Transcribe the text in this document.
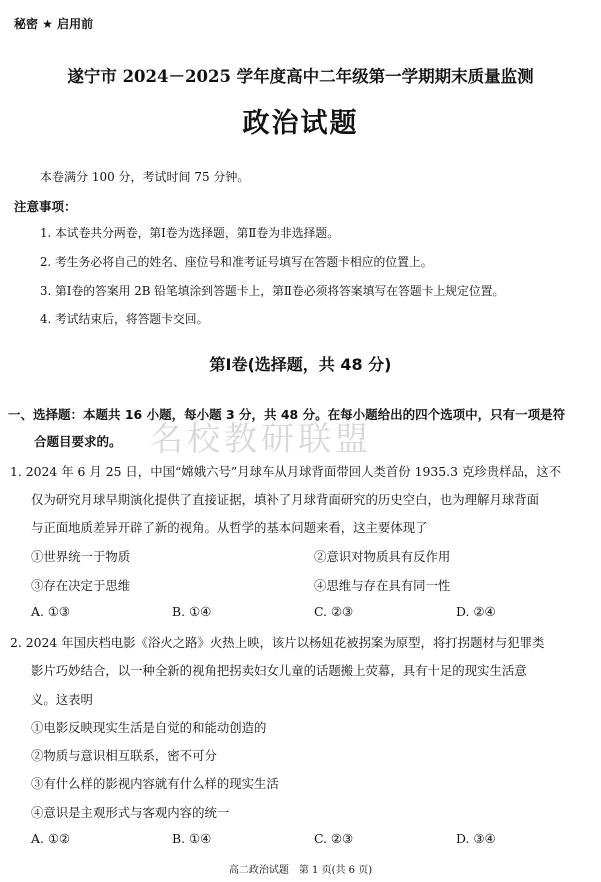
秘密 ★ 启用前
遂宁市 2024－2025 学年度高中二年级第一学期期末质量监测
政治试题
本卷满分 100 分，考试时间 75 分钟。
注意事项：
1. 本试卷共分两卷，第Ⅰ卷为选择题，第Ⅱ卷为非选择题。
2. 考生务必将自己的姓名、座位号和准考证号填写在答题卡相应的位置上。
3. 第Ⅰ卷的答案用 2B 铅笔填涂到答题卡上，第Ⅱ卷必须将答案填写在答题卡上规定位置。
4. 考试结束后，将答题卡交回。
第Ⅰ卷(选择题，共 48 分)
名校教研联盟
一、选择题：本题共 16 小题，每小题 3 分，共 48 分。在每小题给出的四个选项中，只有一项是符
合题目要求的。
1. 2024 年 6 月 25 日，中国“嫦娥六号”月球车从月球背面带回人类首份 1935.3 克珍贵样品，这不
仅为研究月球早期演化提供了直接证据，填补了月球背面研究的历史空白，也为理解月球背面
与正面地质差异开辟了新的视角。从哲学的基本问题来看，这主要体现了
①世界统一于物质	②意识对物质具有反作用
③存在决定于思维	④思维与存在具有同一性
A. ①③	B. ①④	C. ②③	D. ②④
2. 2024 年国庆档电影《浴火之路》火热上映，该片以杨妞花被拐案为原型，将打拐题材与犯罪类
影片巧妙结合，以一种全新的视角把拐卖妇女儿童的话题搬上荧幕，具有十足的现实生活意
义。这表明
①电影反映现实生活是自觉的和能动创造的
②物质与意识相互联系，密不可分
③有什么样的影视内容就有什么样的现实生活
④意识是主观形式与客观内容的统一
A. ①②	B. ①④	C. ②③	D. ③④
高二政治试题　第 1 页(共 6 页)
